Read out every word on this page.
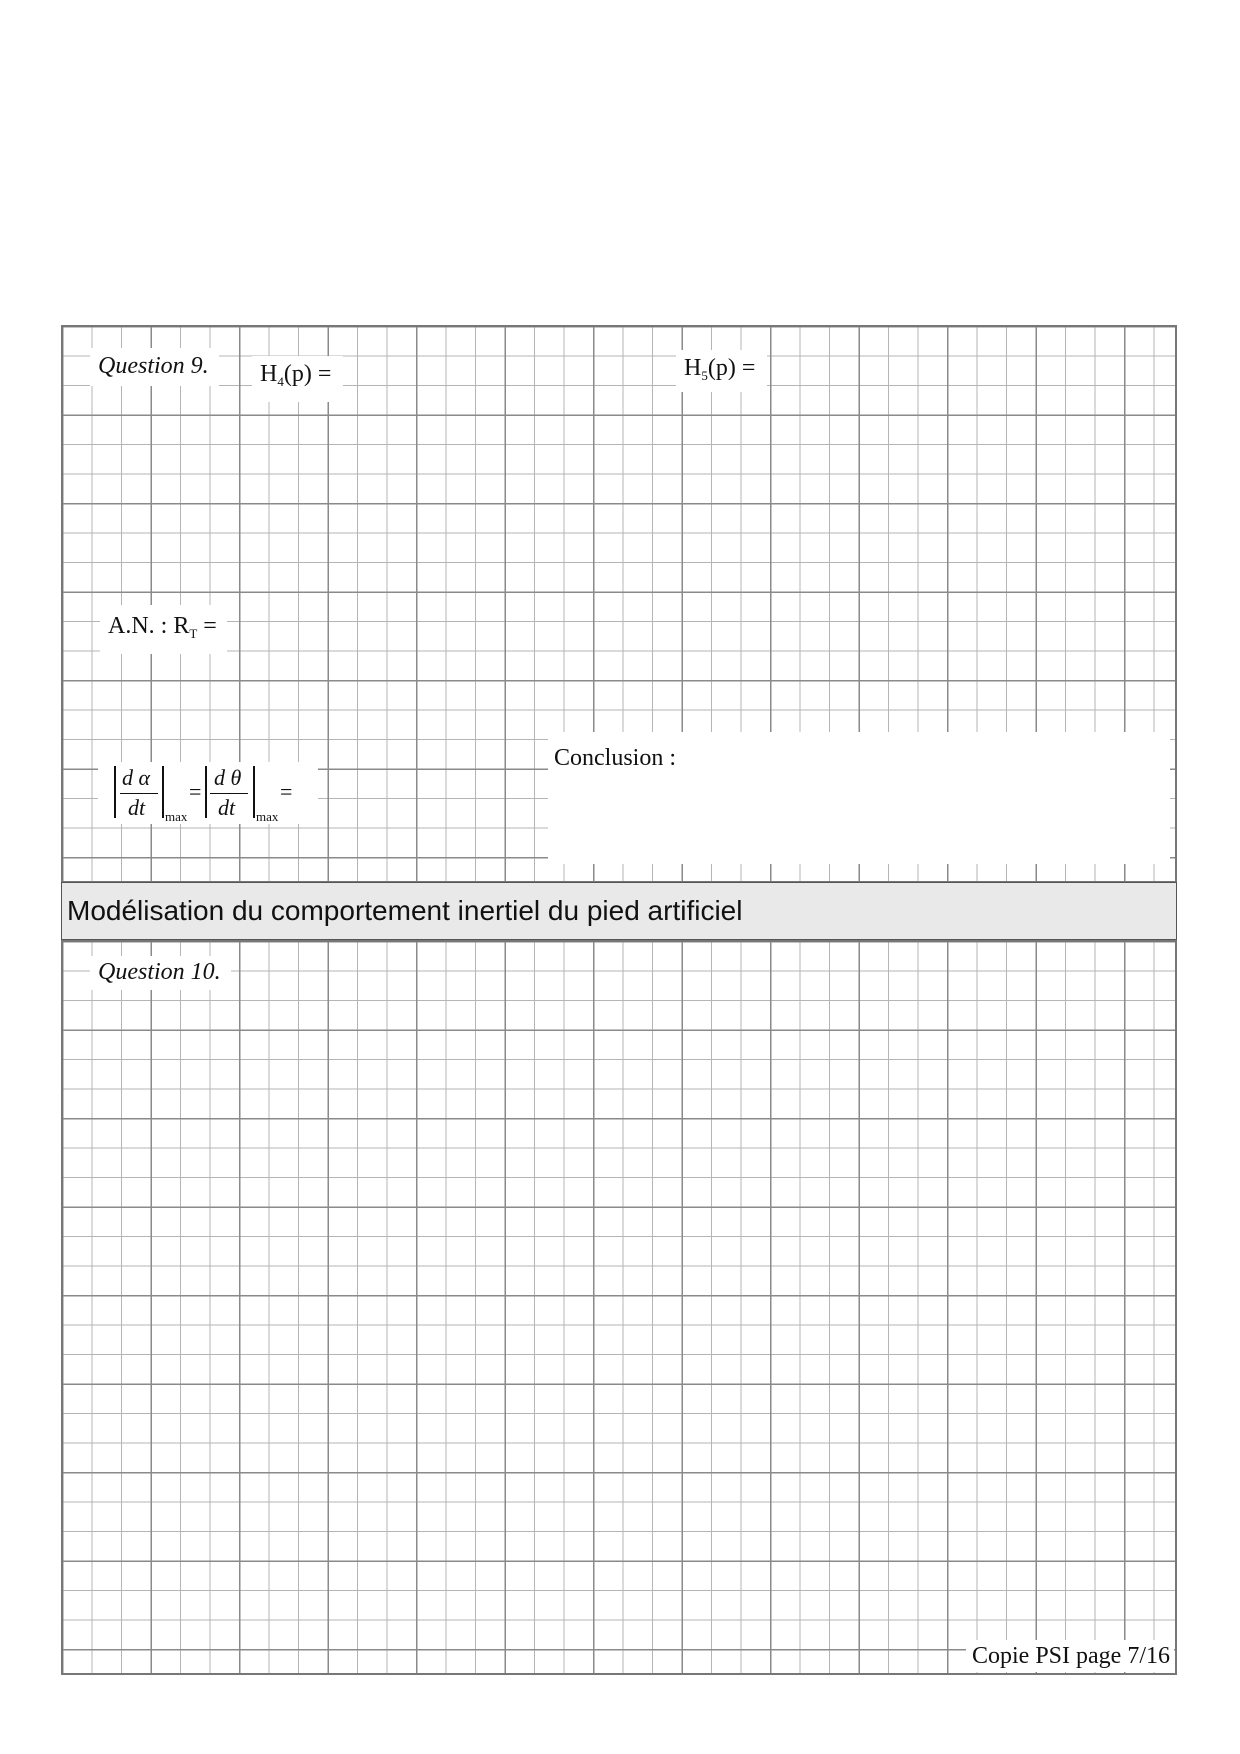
Question 9.	$H_4(p)$ =	$H_5(p)$ =
A.N. : $R_T$ =
d α
dt max
=
d θ
dt max
=
Conclusion :
Modélisation du comportement inertiel du pied artificiel
Question 10.
Copie PSI page 7/16
